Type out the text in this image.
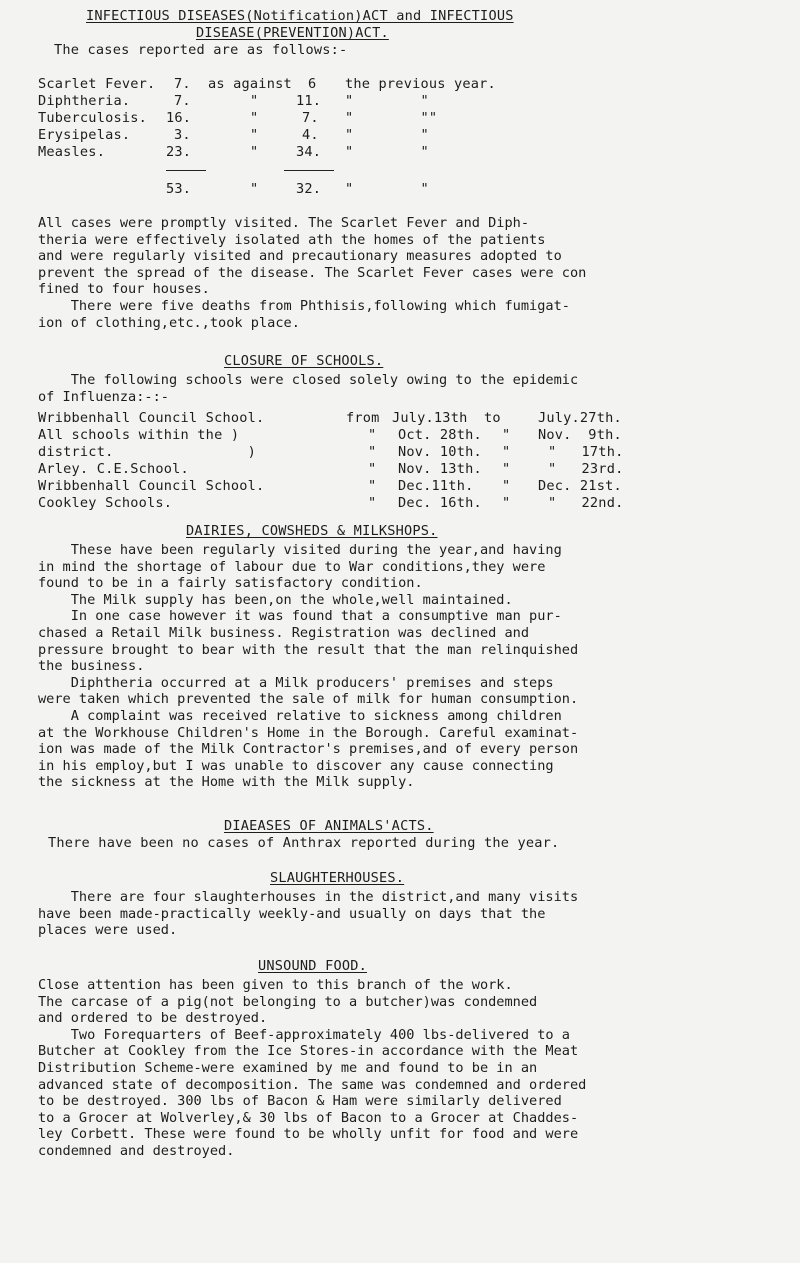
INFECTIOUS DISEASES(Notification)ACT and INFECTIOUS
DISEASE(PREVENTION)ACT.
The cases reported are as follows:-
Scarlet Fever. 7. as against 6 the previous year.
Diphtheria.	7.	"	11. "        "
Tuberculosis. 16.	"	7. "        ""
Erysipelas.	3.	"	4. "        "
Measles.	23.	"	34. "        "
53.	"	32. "        "
All cases were promptly visited. The Scarlet Fever and Diph-
theria were effectively isolated ath the homes of the patients
and were regularly visited and precautionary measures adopted to
prevent the spread of the disease. The Scarlet Fever cases were con
fined to four houses.
There were five deaths from Phthisis,following which fumigat-
ion of clothing,etc.,took place.
CLOSURE OF SCHOOLS.
The following schools were closed solely owing to the epidemic
of Influenza:-:-
Wribbenhall Council School.	from July.13th to	July.27th.
All schools within the )	" Oct. 28th. " Nov.  9th.
district.                )	" Nov. 10th. "	"   17th.
Arley. C.E.School.	" Nov. 13th. "	"   23rd.
Wribbenhall Council School.	" Dec.11th. " Dec. 21st.
Cookley Schools.	" Dec. 16th. "	"   22nd.
DAIRIES, COWSHEDS & MILKSHOPS.
These have been regularly visited during the year,and having
in mind the shortage of labour due to War conditions,they were
found to be in a fairly satisfactory condition.
The Milk supply has been,on the whole,well maintained.
In one case however it was found that a consumptive man pur-
chased a Retail Milk business. Registration was declined and
pressure brought to bear with the result that the man relinquished
the business.
Diphtheria occurred at a Milk producers' premises and steps
were taken which prevented the sale of milk for human consumption.
A complaint was received relative to sickness among children
at the Workhouse Children's Home in the Borough. Careful examinat-
ion was made of the Milk Contractor's premises,and of every person
in his employ,but I was unable to discover any cause connecting
the sickness at the Home with the Milk supply.
DIAEASES OF ANIMALS'ACTS.
There have been no cases of Anthrax reported during the year.
SLAUGHTERHOUSES.
There are four slaughterhouses in the district,and many visits
have been made-practically weekly-and usually on days that the
places were used.
UNSOUND FOOD.
Close attention has been given to this branch of the work.
The carcase of a pig(not belonging to a butcher)was condemned
and ordered to be destroyed.
Two Forequarters of Beef-approximately 400 lbs-delivered to a
Butcher at Cookley from the Ice Stores-in accordance with the Meat
Distribution Scheme-were examined by me and found to be in an
advanced state of decomposition. The same was condemned and ordered
to be destroyed. 300 lbs of Bacon & Ham were similarly delivered
to a Grocer at Wolverley,& 30 lbs of Bacon to a Grocer at Chaddes-
ley Corbett. These were found to be wholly unfit for food and were
condemned and destroyed.
